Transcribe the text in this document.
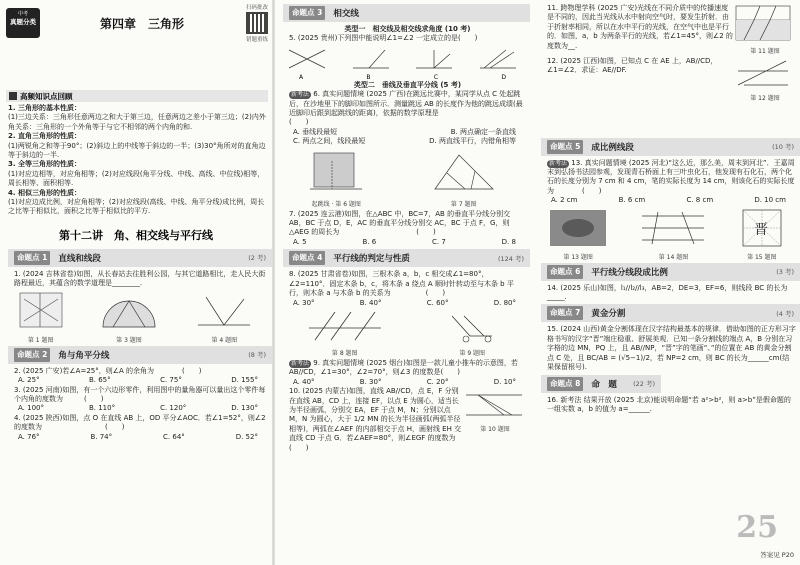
中考
真题分类	第四章　三角形
扫码批改
错题重练
高频知识点回顾

1. 三角形的基本性质：

(1)三边关系：三角形任意两边之和大于第三边，任意两边之差小于第三边；(2)内外角关系：三角形的一个外角等于与它不相邻的两个内角的和.

2. 直角三角形的性质：

(1)两锐角之和等于90°；(2)斜边上的中线等于斜边的一半；(3)30°角所对的直角边等于斜边的一半.

3. 全等三角形的性质：

(1)对应边相等，对应角相等；(2)对应线段(角平分线、中线、高线、中位线)相等，周长相等、面积相等.

4. 相似三角形的性质：

(1)对应边成比例，对应角相等；(2)对应线段(高线、中线、角平分线)成比例，周长之比等于相似比，面积之比等于相似比的平方.

第十二讲　角、相交线与平行线
命题点 1	直线和线段	(2 考)

1. (2024 吉林省卷)如图，从长春站去往胜利公园，与其它道路相比，走人民大街路程最近，其蕴含的数学道理是________.

第 1 题图	第 3 题图	第 4 题图
命题点 2	角与角平分线	(8 考)

2. (2025 广安)若∠A=25°，则∠A 的余角为　　　　(　　)

A. 25°	B. 65°	C. 75°	D. 155°

3. (2025 河南)如图，有一个六边形零件，利用图中的量角器可以量出这个零件每个内角的度数为　　　(　　)

A. 100°	B. 110°	C. 120°	D. 130°

4. (2025 陕西)如图，点 O 在直线 AB 上，OD 平分∠AOC．若∠1=52°，则∠2 的度数为　　　　　　　　　(　　)

A. 76°	B. 74°	C. 64°	D. 52°
命题点 3	相交线

类型一　相交线及相交线求角度 (10 考)

5. (2025 贵州)下列图中能说明∠1=∠2 一定成立的是(　　)

A	B	C	D

类型二　垂线及垂直平分线 (5 考)

新考法 6. 真实问题情境 (2025 广西)在跳远比赛中，某同学从点 C 处起跳后，在沙地里下的脚印如图所示．测量跳远 AB 的长度作为他的跳远成绩(最近脚印后跟到起跳线的距离)，依据的数学原理是　　　　　　　　　　　　　　　(　　)

A. 垂线段最短	B. 两点确定一条直线
C. 两点之间，线段最短	D. 两直线平行，内错角相等
起跳线 · 第 6 题图	第 7 题图

7. (2025 连云港)如图，在△ABC 中，BC=7，AB 的垂直平分线分别交 AB，BC 于点 D，E，AC 的垂直平分线分别交 AC，BC 于点 F，G，则△AEG 的周长为　　　　　　　　　　　(　　)

A. 5	B. 6	C. 7	D. 8
命题点 4	平行线的判定与性质	(124 考)

8. (2025 甘肃省卷)如图，三根木条 a，b，c 相交成∠1=80°，∠2=110°．固定木条 b，c，将木条 a 绕点 A 顺时针转动至与木条 b 平行，则木条 a 与木条 b 的关系为　　　　　(　　)

A. 30°	B. 40°	C. 60°	D. 80°
第 8 题图	第 9 题图

新考法 9. 真实问题情境 (2025 烟台)如图是一款儿童小推车的示意图，若 AB//CD，∠1=30°，∠2=70°，则∠3 的度数是(　　)

A. 40°	B. 30°	C. 20°	D. 10°

10. (2025 内蒙古)如图，直线 AB//CD，点 E，F 分别在直线 AB，CD 上，连接 EF，以点 E 为圆心，适当长为半径画弧，分别交 EA，EF 于点 M，N；分别以点 M，N 为圆心，大于 1/2 MN 的长为半径画弧(两弧半径相等)，两弧在∠AEF 的内部相交于点 H，画射线 EH 交直线 CD 于点 G．若∠AEF=80°，则∠EGF 的度数为(　　)

第 10 题图

11. 跨物理学科 (2025 广安)光线在不同介质中的传播速度是不同的，因此当光线从水中射向空气时，要发生折射．由于折射率相同，所以在水中平行的光线，在空气中也是平行的．如图，a，b 为两条平行的光线，若∠1=45°，则∠2 的度数为__.

第 11 题图

12. (2025 江西)如图，已知点 C 在 AE 上，AB//CD，∠1=∠2．求证：AE//DF.

第 12 题图
命题点 5	成比例线段	(10 考)

新考法 13. 真实问题情境 (2025 河北)“这么近，那么美，周末到河北”．王嘉周末到弘扬书法园参观，发现青石桥面上有三叶虫化石，他发现有石化石，两个化石的长度分别为 7 cm 和 4 cm，笔的实际长度为 14 cm，则该化石的实际长度为　　　　(　　)

A. 2 cm	B. 6 cm	C. 8 cm	D. 10 cm
第 13 题图	第 14 题图
晋
第 15 题图
命题点 6	平行线分线段成比例	(3 考)

14. (2025 乐山)如图，l₁//l₂//l₃，AB=2，DE=3，EF=6，则线段 BC 的长为_____.

命题点 7	黄金分割	(4 考)

15. (2024 山西)黄金分割体现在汉字结构最基本的规律．借助如图的正方形习字格书写的汉字“晋”端庄稳重、舒展美观．已知一条分割线的端点 A，B 分别在习字格的边 MN，PQ 上，且 AB//NP，“晋”字的笔画“、”的位置在 AB 的黄金分割点 C 处，且 BC/AB = (√5−1)/2，若 NP=2 cm，则 BC 的长为______cm(结果保留根号).

命题点 8	命　题 (22 考)

16. 新考法 结果开放 (2025 北京)能说明命题“若 a²>b²，则 a>b”是假命题的一组实数 a，b 的值为 a=______.

25
答案见 P20
